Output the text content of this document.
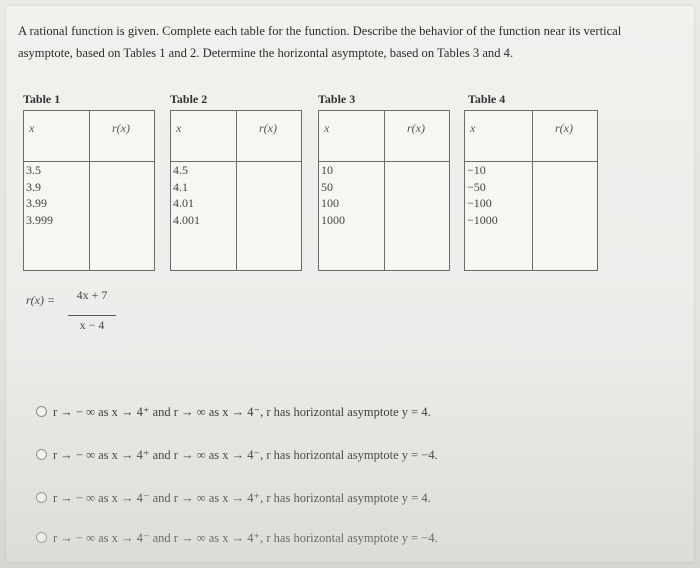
A rational function is given. Complete each table for the function. Describe the behavior of the function near its vertical asymptote, based on Tables 1 and 2. Determine the horizontal asymptote, based on Tables 3 and 4.
Table 1
x	r(x)

3.5
3.9
3.99
3.999	

Table 2
x	r(x)

4.5
4.1
4.01
4.001	

Table 3
x	r(x)

10
50
100
1000	

Table 4
x	r(x)

−10
−50
−100
−1000	

r(x) =	4x + 7
x − 4
r → − ∞ as x → 4⁺ and r → ∞ as x → 4⁻, r has horizontal asymptote y = 4.
r → − ∞ as x → 4⁺ and r → ∞ as x → 4⁻, r has horizontal asymptote y = −4.
r → − ∞ as x → 4⁻ and r → ∞ as x → 4⁺, r has horizontal asymptote y = 4.
r → − ∞ as x → 4⁻ and r → ∞ as x → 4⁺, r has horizontal asymptote y = −4.
